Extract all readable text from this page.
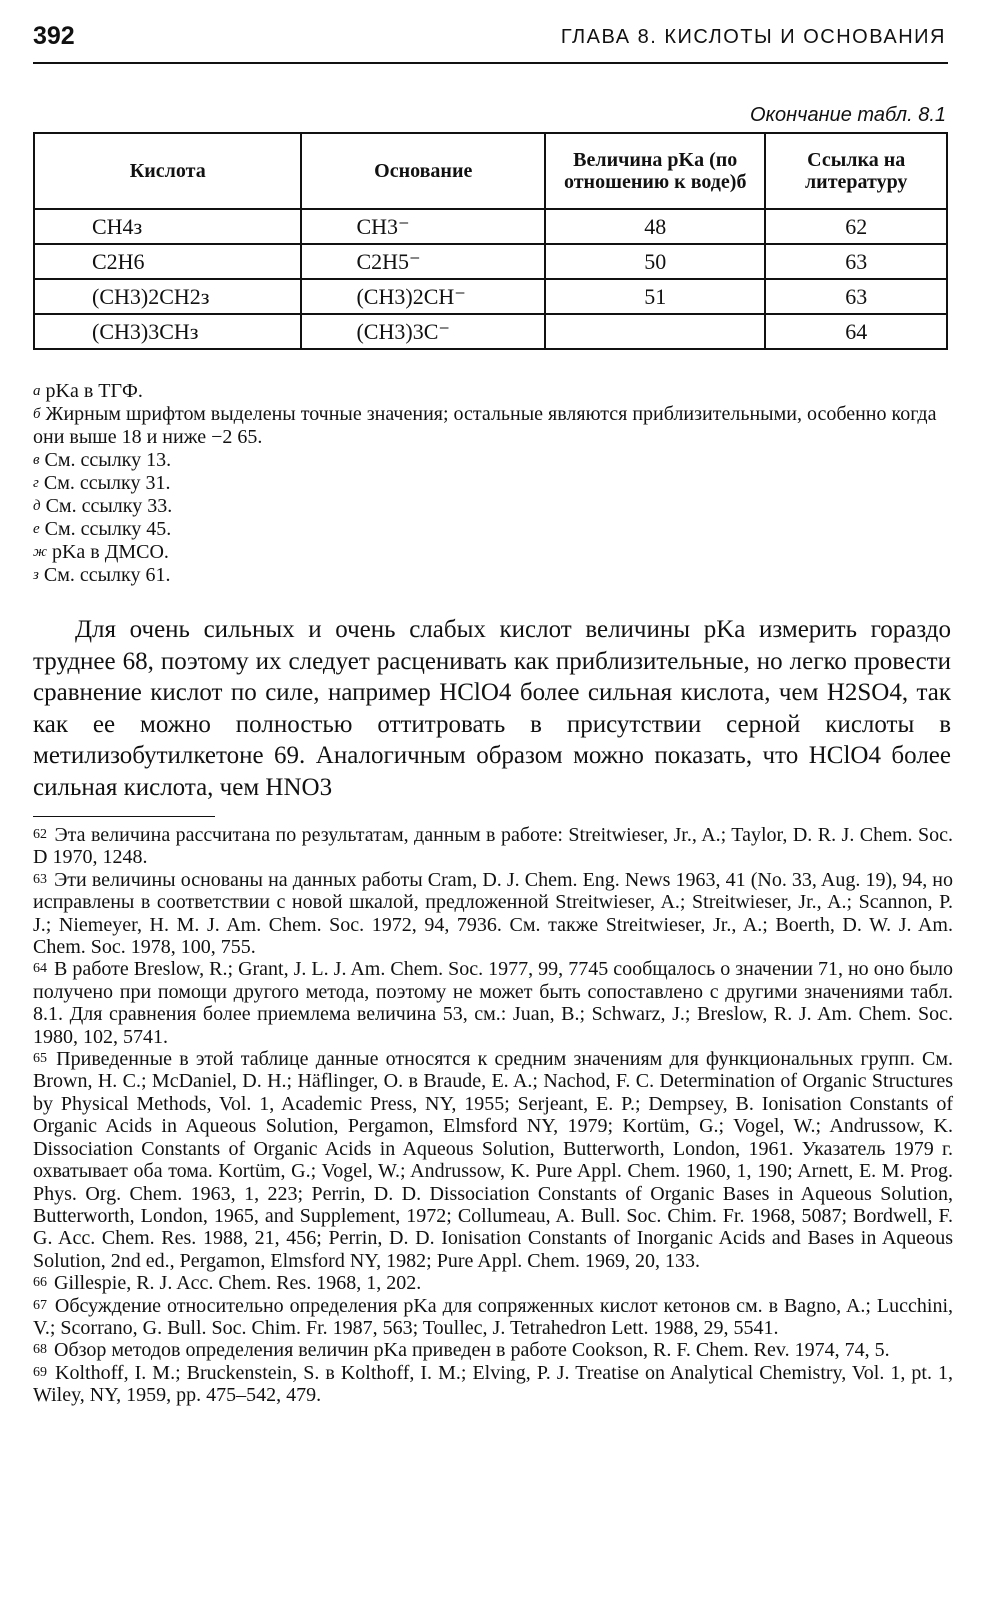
392	ГЛАВА 8. КИСЛОТЫ И ОСНОВАНИЯ
Окончание табл. 8.1
Кислота	Основание	Величина pKa (по отношению к воде)б	Ссылка на литературу
CH4з	CH3⁻	48	62
C2H6	C2H5⁻	50	63
(CH3)2CH2з	(CH3)2CH⁻	51	63
(CH3)3CHз	(CH3)3C⁻		64

а pKa в ТГФ.

б Жирным шрифтом выделены точные значения; остальные являются приблизительными, особенно когда они выше 18 и ниже −2 65.

в См. ссылку 13.

г См. ссылку 31.

д См. ссылку 33.

е См. ссылку 45.

ж pKa в ДМСО.

з См. ссылку 61.

Для очень сильных и очень слабых кислот величины pKa измерить гораздо труднее 68, поэтому их следует расценивать как приблизительные, но легко провести сравнение кислот по силе, например HClO4 более сильная кислота, чем H2SO4, так как ее можно полностью оттитровать в присутствии серной кислоты в метилизобутилкетоне 69. Аналогичным образом можно показать, что HClO4 более сильная кислота, чем HNO3

62 Эта величина рассчитана по результатам, данным в работе: Streitwieser, Jr., A.; Taylor, D. R. J. Chem. Soc. D 1970, 1248.

63 Эти величины основаны на данных работы Cram, D. J. Chem. Eng. News 1963, 41 (No. 33, Aug. 19), 94, но исправлены в соответствии с новой шкалой, предложенной Streitwieser, A.; Streitwieser, Jr., A.; Scannon, P. J.; Niemeyer, H. M. J. Am. Chem. Soc. 1972, 94, 7936. См. также Streitwieser, Jr., A.; Boerth, D. W. J. Am. Chem. Soc. 1978, 100, 755.

64 В работе Breslow, R.; Grant, J. L. J. Am. Chem. Soc. 1977, 99, 7745 сообщалось о значении 71, но оно было получено при помощи другого метода, поэтому не может быть сопоставлено с другими значениями табл. 8.1. Для сравнения более приемлема величина 53, см.: Juan, B.; Schwarz, J.; Breslow, R. J. Am. Chem. Soc. 1980, 102, 5741.

65 Приведенные в этой таблице данные относятся к средним значениям для функциональных групп. См. Brown, H. C.; McDaniel, D. H.; Häflinger, O. в Braude, E. A.; Nachod, F. C. Determination of Organic Structures by Physical Methods, Vol. 1, Academic Press, NY, 1955; Serjeant, E. P.; Dempsey, B. Ionisation Constants of Organic Acids in Aqueous Solution, Pergamon, Elmsford NY, 1979; Kortüm, G.; Vogel, W.; Andrussow, K. Dissociation Constants of Organic Acids in Aqueous Solution, Butterworth, London, 1961. Указатель 1979 г. охватывает оба тома. Kortüm, G.; Vogel, W.; Andrussow, K. Pure Appl. Chem. 1960, 1, 190; Arnett, E. M. Prog. Phys. Org. Chem. 1963, 1, 223; Perrin, D. D. Dissociation Constants of Organic Bases in Aqueous Solution, Butterworth, London, 1965, and Supplement, 1972; Collumeau, A. Bull. Soc. Chim. Fr. 1968, 5087; Bordwell, F. G. Acc. Chem. Res. 1988, 21, 456; Perrin, D. D. Ionisation Constants of Inorganic Acids and Bases in Aqueous Solution, 2nd ed., Pergamon, Elmsford NY, 1982; Pure Appl. Chem. 1969, 20, 133.

66 Gillespie, R. J. Acc. Chem. Res. 1968, 1, 202.

67 Обсуждение относительно определения pKa для сопряженных кислот кетонов см. в Bagno, A.; Lucchini, V.; Scorrano, G. Bull. Soc. Chim. Fr. 1987, 563; Toullec, J. Tetrahedron Lett. 1988, 29, 5541.

68 Обзор методов определения величин pKa приведен в работе Cookson, R. F. Chem. Rev. 1974, 74, 5.

69 Kolthoff, I. M.; Bruckenstein, S. в Kolthoff, I. M.; Elving, P. J. Treatise on Analytical Chemistry, Vol. 1, pt. 1, Wiley, NY, 1959, pp. 475–542, 479.
